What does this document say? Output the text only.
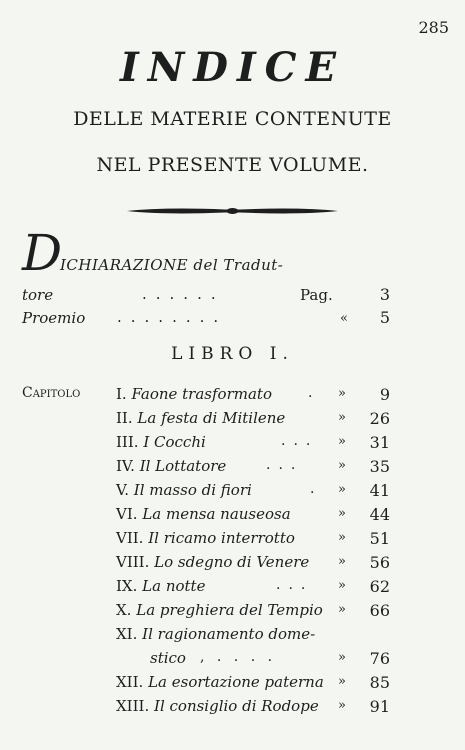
285
INDICE
DELLE MATERIE CONTENUTE
NEL PRESENTE VOLUME.
D
ICHIARAZIONE del Tradut-
tore	......	Pag.	3
Proemio ........	« 5
LIBRO I.
Capitolo I. Faone trasformato	. » 9
II. La festa di Mitilene	» 26
III. I Cocchi	... » 31
IV. Il Lottatore	...	» 35
V. Il masso di fiori	. » 41
VI. La mensa nauseosa	» 44
VII. Il ricamo interrotto	» 51
VIII. Lo sdegno di Venere » 56
IX. La notte	... » 62
X. La preghiera del Tempio » 66
XI. Il ragionamento dome-
stico , . . . .	» 76
XII. La esortazione paterna » 85
XIII. Il consiglio di Rodope » 91
